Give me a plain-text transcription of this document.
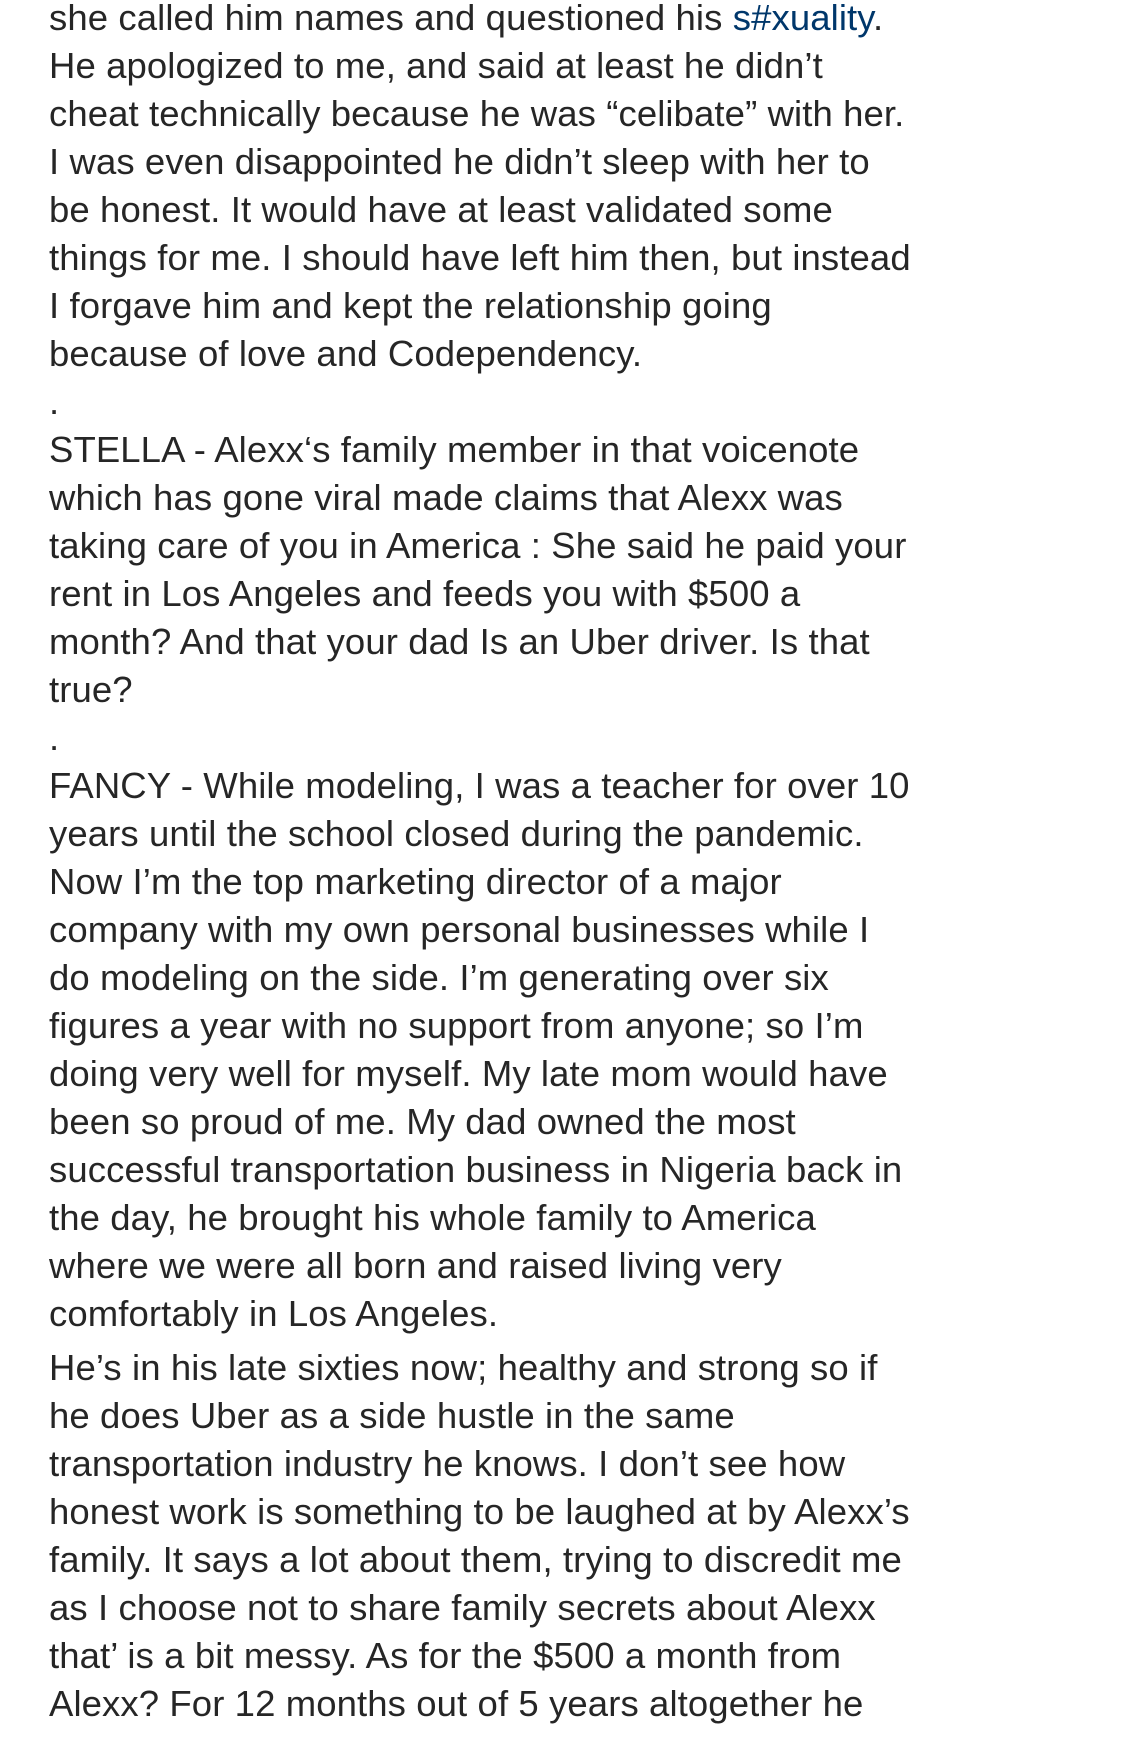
she called him names and questioned his s#xuality.
He apologized to me, and said at least he didn’t
cheat technically because he was “celibate” with her.
I was even disappointed he didn’t sleep with her to
be honest. It would have at least validated some
things for me. I should have left him then, but instead
I forgave him and kept the relationship going
because of love and Codependency.
.
STELLA - Alexx‘s family member in that voicenote
which has gone viral made claims that Alexx was
taking care of you in America : She said he paid your
rent in Los Angeles and feeds you with $500 a
month? And that your dad Is an Uber driver. Is that
true?
.
FANCY - While modeling, I was a teacher for over 10
years until the school closed during the pandemic.
Now I’m the top marketing director of a major
company with my own personal businesses while I
do modeling on the side. I’m generating over six
figures a year with no support from anyone; so I’m
doing very well for myself. My late mom would have
been so proud of me. My dad owned the most
successful transportation business in Nigeria back in
the day, he brought his whole family to America
where we were all born and raised living very
comfortably in Los Angeles.
He’s in his late sixties now; healthy and strong so if
he does Uber as a side hustle in the same
transportation industry he knows. I don’t see how
honest work is something to be laughed at by Alexx’s
family. It says a lot about them, trying to discredit me
as I choose not to share family secrets about Alexx
that’ is a bit messy. As for the $500 a month from
Alexx? For 12 months out of 5 years altogether he
